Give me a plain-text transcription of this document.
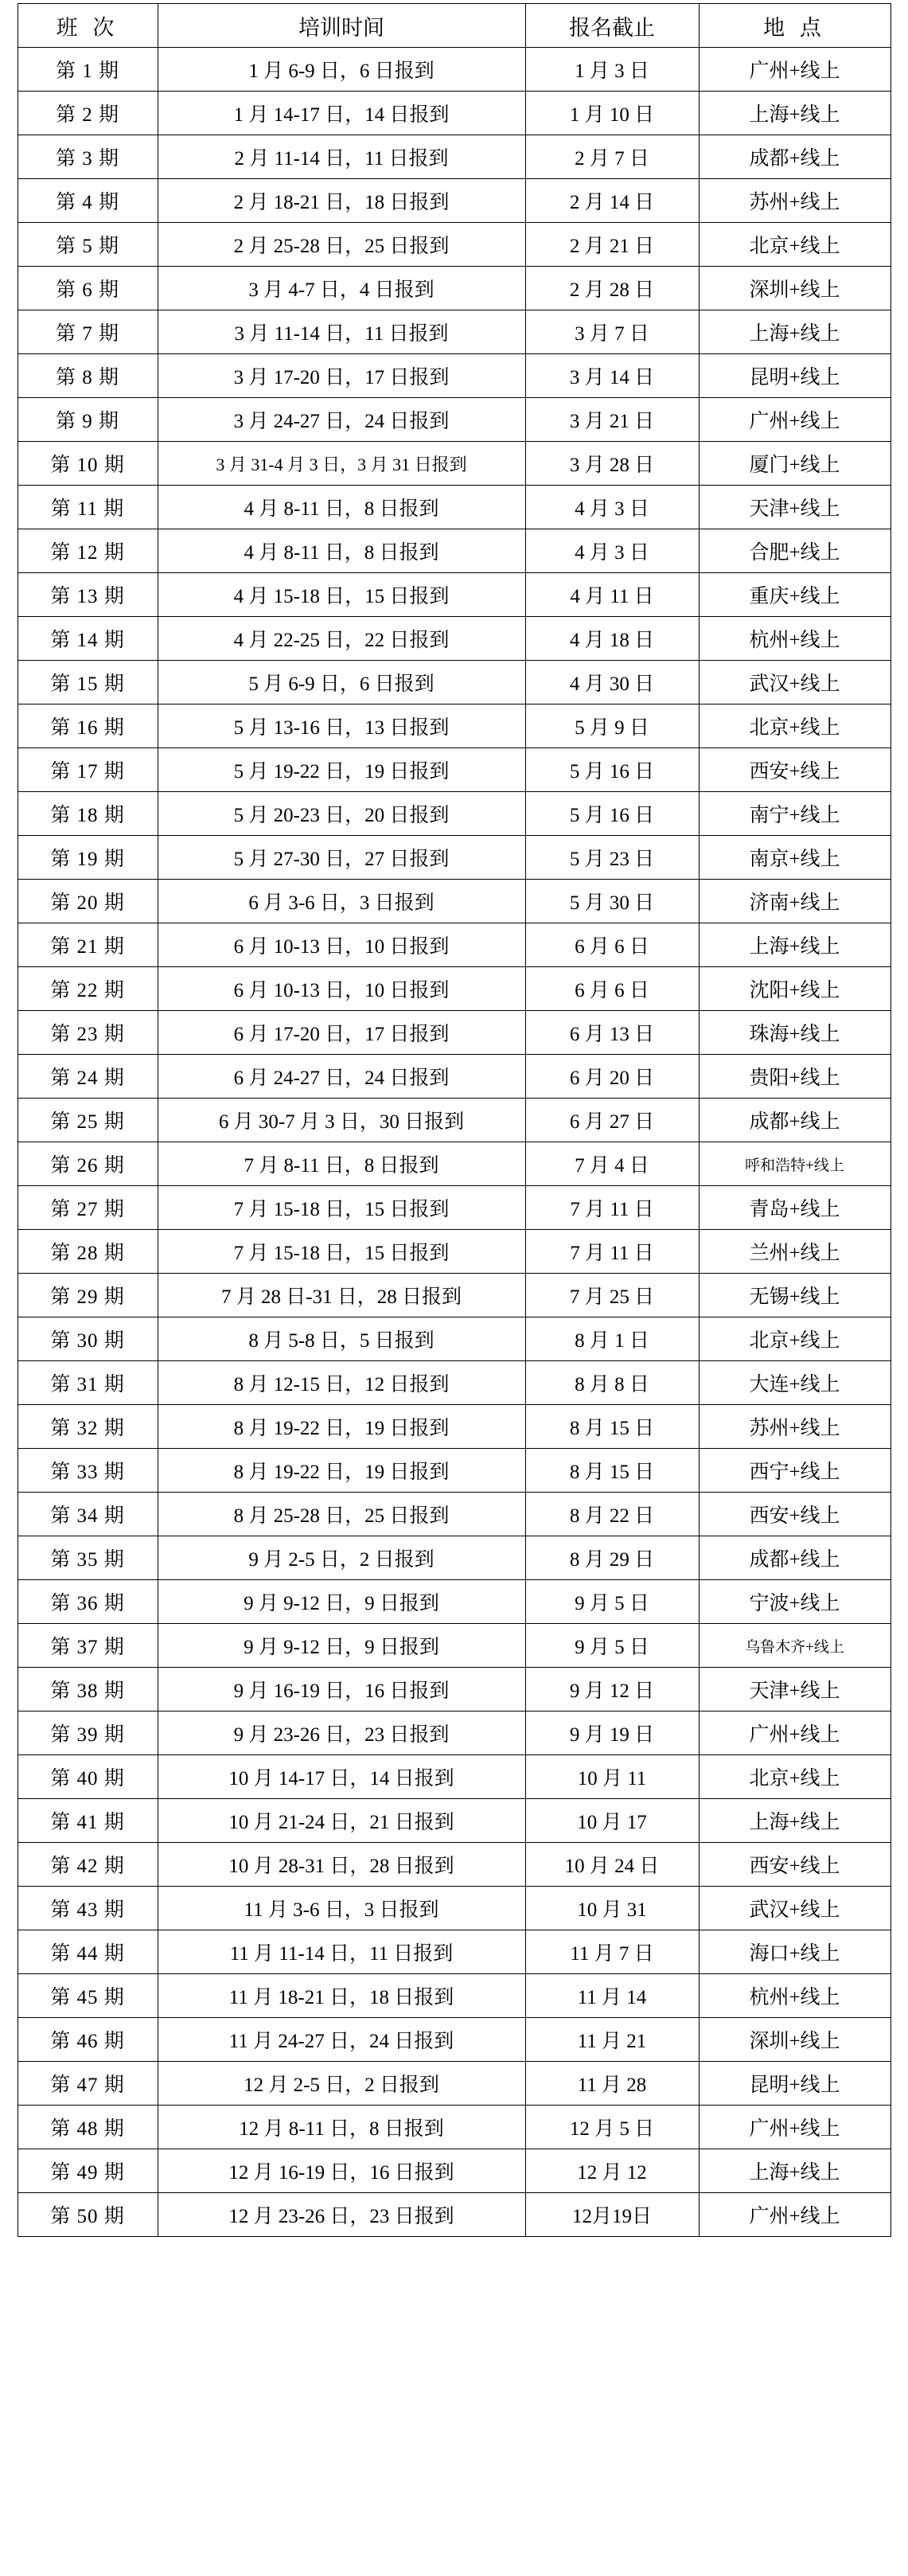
班 次	培训时间	报名截止	地 点
第 1 期	1 月 6-9 日，6 日报到	1 月 3 日	广州+线上
第 2 期	1 月 14-17 日，14 日报到	1 月 10 日	上海+线上
第 3 期	2 月 11-14 日，11 日报到	2 月 7 日	成都+线上
第 4 期	2 月 18-21 日，18 日报到	2 月 14 日	苏州+线上
第 5 期	2 月 25-28 日，25 日报到	2 月 21 日	北京+线上
第 6 期	3 月 4-7 日，4 日报到	2 月 28 日	深圳+线上
第 7 期	3 月 11-14 日，11 日报到	3 月 7 日	上海+线上
第 8 期	3 月 17-20 日，17 日报到	3 月 14 日	昆明+线上
第 9 期	3 月 24-27 日，24 日报到	3 月 21 日	广州+线上
第 10 期	3 月 31-4 月 3 日，3 月 31 日报到	3 月 28 日	厦门+线上
第 11 期	4 月 8-11 日，8 日报到	4 月 3 日	天津+线上
第 12 期	4 月 8-11 日，8 日报到	4 月 3 日	合肥+线上
第 13 期	4 月 15-18 日，15 日报到	4 月 11 日	重庆+线上
第 14 期	4 月 22-25 日，22 日报到	4 月 18 日	杭州+线上
第 15 期	5 月 6-9 日，6 日报到	4 月 30 日	武汉+线上
第 16 期	5 月 13-16 日，13 日报到	5 月 9 日	北京+线上
第 17 期	5 月 19-22 日，19 日报到	5 月 16 日	西安+线上
第 18 期	5 月 20-23 日，20 日报到	5 月 16 日	南宁+线上
第 19 期	5 月 27-30 日，27 日报到	5 月 23 日	南京+线上
第 20 期	6 月 3-6 日，3 日报到	5 月 30 日	济南+线上
第 21 期	6 月 10-13 日，10 日报到	6 月 6 日	上海+线上
第 22 期	6 月 10-13 日，10 日报到	6 月 6 日	沈阳+线上
第 23 期	6 月 17-20 日，17 日报到	6 月 13 日	珠海+线上
第 24 期	6 月 24-27 日，24 日报到	6 月 20 日	贵阳+线上
第 25 期	6 月 30-7 月 3 日，30 日报到	6 月 27 日	成都+线上
第 26 期	7 月 8-11 日，8 日报到	7 月 4 日	呼和浩特+线上
第 27 期	7 月 15-18 日，15 日报到	7 月 11 日	青岛+线上
第 28 期	7 月 15-18 日，15 日报到	7 月 11 日	兰州+线上
第 29 期	7 月 28 日-31 日，28 日报到	7 月 25 日	无锡+线上
第 30 期	8 月 5-8 日，5 日报到	8 月 1 日	北京+线上
第 31 期	8 月 12-15 日，12 日报到	8 月 8 日	大连+线上
第 32 期	8 月 19-22 日，19 日报到	8 月 15 日	苏州+线上
第 33 期	8 月 19-22 日，19 日报到	8 月 15 日	西宁+线上
第 34 期	8 月 25-28 日，25 日报到	8 月 22 日	西安+线上
第 35 期	9 月 2-5 日，2 日报到	8 月 29 日	成都+线上
第 36 期	9 月 9-12 日，9 日报到	9 月 5 日	宁波+线上
第 37 期	9 月 9-12 日，9 日报到	9 月 5 日	乌鲁木齐+线上
第 38 期	9 月 16-19 日，16 日报到	9 月 12 日	天津+线上
第 39 期	9 月 23-26 日，23 日报到	9 月 19 日	广州+线上
第 40 期	10 月 14-17 日，14 日报到	10 月 11	北京+线上
第 41 期	10 月 21-24 日，21 日报到	10 月 17	上海+线上
第 42 期	10 月 28-31 日，28 日报到	10 月 24 日	西安+线上
第 43 期	11 月 3-6 日，3 日报到	10 月 31	武汉+线上
第 44 期	11 月 11-14 日，11 日报到	11 月 7 日	海口+线上
第 45 期	11 月 18-21 日，18 日报到	11 月 14	杭州+线上
第 46 期	11 月 24-27 日，24 日报到	11 月 21	深圳+线上
第 47 期	12 月 2-5 日，2 日报到	11 月 28	昆明+线上
第 48 期	12 月 8-11 日，8 日报到	12 月 5 日	广州+线上
第 49 期	12 月 16-19 日，16 日报到	12 月 12	上海+线上
第 50 期	12 月 23-26 日，23 日报到	12月19日	广州+线上
